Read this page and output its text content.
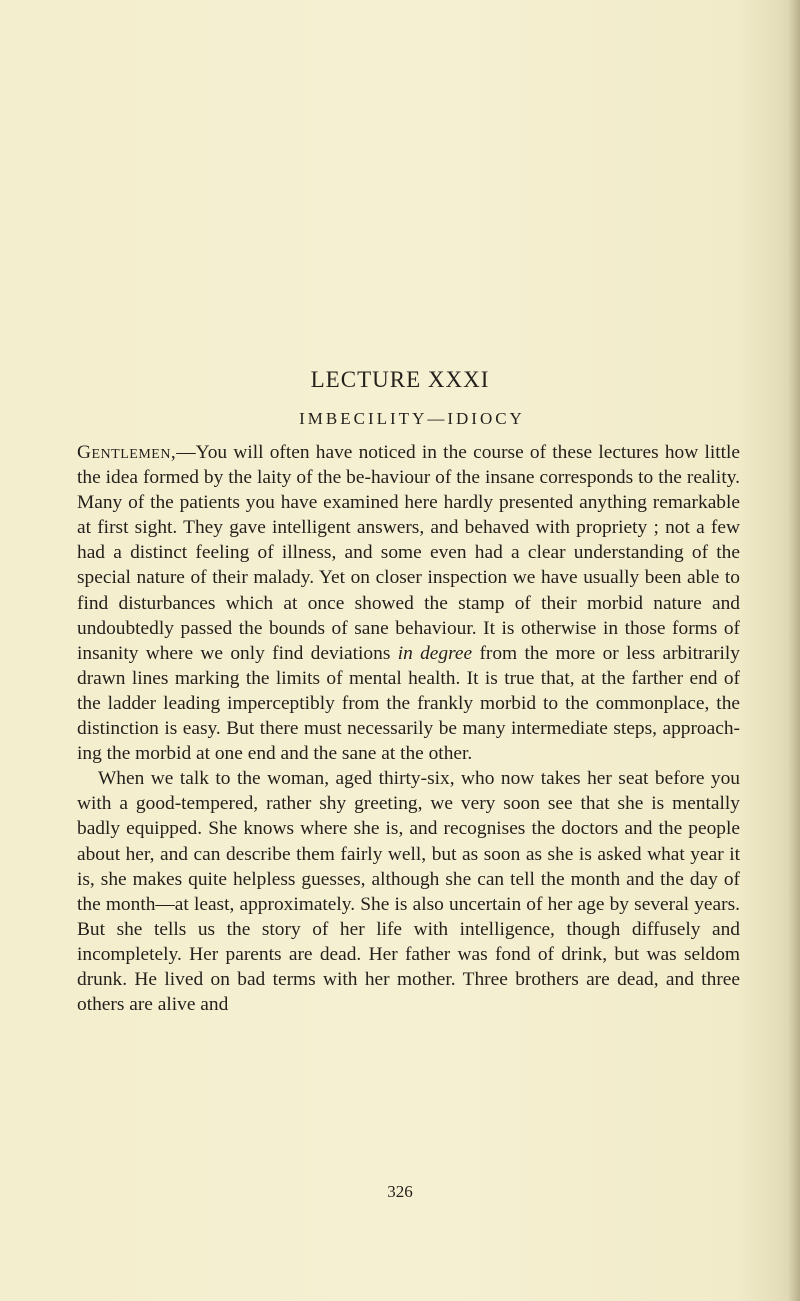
LECTURE XXXI
IMBECILITY—IDIOCY

Gentlemen,—You will often have noticed in the course of these lectures how little the idea formed by the laity of the be-haviour of the insane corresponds to the reality. Many of the patients you have examined here hardly presented anything remarkable at first sight. They gave intelligent answers, and behaved with propriety ; not a few had a distinct feeling of illness, and some even had a clear understanding of the special nature of their malady. Yet on closer inspection we have usually been able to find disturbances which at once showed the stamp of their morbid nature and undoubtedly passed the bounds of sane behaviour. It is otherwise in those forms of insanity where we only find deviations in degree from the more or less arbitrarily drawn lines marking the limits of mental health. It is true that, at the farther end of the ladder leading imperceptibly from the frankly morbid to the commonplace, the distinction is easy. But there must necessarily be many intermediate steps, approach-ing the morbid at one end and the sane at the other.

When we talk to the woman, aged thirty-six, who now takes her seat before you with a good-tempered, rather shy greeting, we very soon see that she is mentally badly equipped. She knows where she is, and recognises the doctors and the people about her, and can describe them fairly well, but as soon as she is asked what year it is, she makes quite helpless guesses, although she can tell the month and the day of the month—at least, approximately. She is also uncertain of her age by several years. But she tells us the story of her life with intelligence, though diffusely and incompletely. Her parents are dead. Her father was fond of drink, but was seldom drunk. He lived on bad terms with her mother. Three brothers are dead, and three others are alive and

326
